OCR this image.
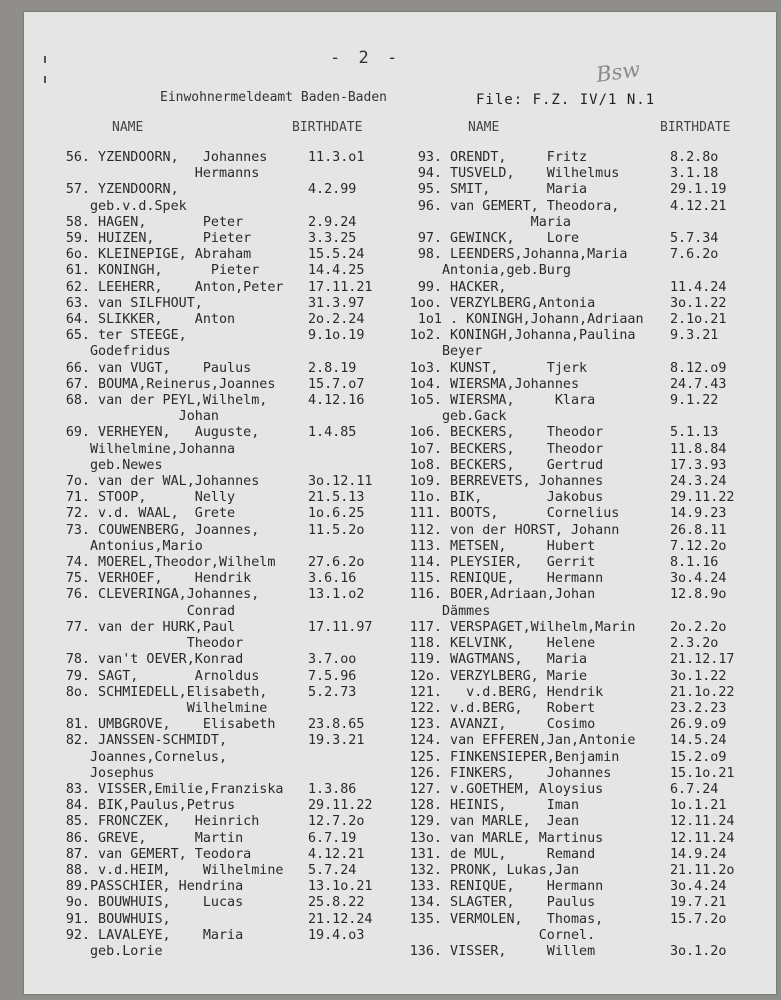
- 2 -	Bsw
Einwohnermeldeamt Baden-Baden	File: F.Z. IV/1 N.1
NAME	BIRTHDATE	NAME	BIRTHDATE
56. YZENDOORN,   Johannes	11.3.o1
Hermanns
57. YZENDOORN,	4.2.99
geb.v.d.Spek
58. HAGEN,       Peter	2.9.24
59. HUIZEN,      Pieter	3.3.25
6o. KLEINEPIGE, Abraham	15.5.24
61. KONINGH,      Pieter	14.4.25
62. LEEHERR,    Anton,Peter	17.11.21
63. van SILFHOUT,	31.3.97
64. SLIKKER,    Anton	2o.2.24
65. ter STEEGE,	9.1o.19
Godefridus
66. van VUGT,    Paulus	2.8.19
67. BOUMA,Reinerus,Joannes	15.7.o7
68. van der PEYL,Wilhelm,	4.12.16
Johan
69. VERHEYEN,   Auguste,	1.4.85
Wilhelmine,Johanna
geb.Newes
7o. van der WAL,Johannes	3o.12.11
71. STOOP,      Nelly	21.5.13
72. v.d. WAAL,  Grete	1o.6.25
73. COUWENBERG, Joannes,	11.5.2o
Antonius,Mario
74. MOEREL,Theodor,Wilhelm	27.6.2o
75. VERHOEF,    Hendrik	3.6.16
76. CLEVERINGA,Johannes,	13.1.o2
Conrad
77. van der HURK,Paul	17.11.97
Theodor
78. van't OEVER,Konrad	3.7.oo
79. SAGT,       Arnoldus	7.5.96
8o. SCHMIEDELL,Elisabeth,	5.2.73
Wilhelmine
81. UMBGROVE,    Elisabeth	23.8.65
82. JANSSEN-SCHMIDT,	19.3.21
Joannes,Cornelus,
Josephus
83. VISSER,Emilie,Franziska	1.3.86
84. BIK,Paulus,Petrus	29.11.22
85. FRONCZEK,   Heinrich	12.7.2o
86. GREVE,      Martin	6.7.19
87. van GEMERT, Teodora	4.12.21
88. v.d.HEIM,    Wilhelmine	5.7.24
89. PASSCHIER, Hendrina	13.1o.21
9o. BOUWHUIS,    Lucas	25.8.22
91. BOUWHUIS,	21.12.24
92. LAVALEYE,    Maria	19.4.o3
geb.Lorie
93. ORENDT,     Fritz	8.2.8o
94. TUSVELD,    Wilhelmus	3.1.18
95. SMIT,       Maria	29.1.19
96. van GEMERT, Theodora,	4.12.21
Maria
97. GEWINCK,    Lore	5.7.34
98. LEENDERS,Johanna,Maria	7.6.2o
Antonia,geb.Burg
99. HACKER,	11.4.24
1oo. VERZYLBERG,Antonia	3o.1.22
1o1 . KONINGH,Johann,Adriaan	2.1o.21
1o2. KONINGH,Johanna,Paulina	9.3.21
Beyer
1o3. KUNST,      Tjerk	8.12.o9
1o4. WIERSMA,Johannes	24.7.43
1o5. WIERSMA,     Klara	9.1.22
geb.Gack
1o6. BECKERS,    Theodor	5.1.13
1o7. BECKERS,    Theodor	11.8.84
1o8. BECKERS,    Gertrud	17.3.93
1o9. BERREVETS, Johannes	24.3.24
11o. BIK,        Jakobus	29.11.22
111. BOOTS,      Cornelius	14.9.23
112. von der HORST, Johann	26.8.11
113. METSEN,     Hubert	7.12.2o
114. PLEYSIER,   Gerrit	8.1.16
115. RENIQUE,    Hermann	3o.4.24
116. BOER,Adriaan,Johan	12.8.9o
Dämmes
117. VERSPAGET,Wilhelm,Marin	2o.2.2o
118. KELVINK,    Helene	2.3.2o
119. WAGTMANS,   Maria	21.12.17
12o. VERZYLBERG, Marie	3o.1.22
121. v.d.BERG, Hendrik	21.1o.22
122. v.d.BERG,   Robert	23.2.23
123. AVANZI,     Cosimo	26.9.o9
124. van EFFEREN,Jan,Antonie	14.5.24
125. FINKENSIEPER,Benjamin	15.2.o9
126. FINKERS,    Johannes	15.1o.21
127. v.GOETHEM, Aloysius	6.7.24
128. HEINIS,     Iman	1o.1.21
129. van MARLE,  Jean	12.11.24
13o. van MARLE, Martinus	12.11.24
131. de MUL,     Remand	14.9.24
132. PRONK, Lukas,Jan	21.11.2o
133. RENIQUE,    Hermann	3o.4.24
134. SLAGTER,    Paulus	19.7.21
135. VERMOLEN,   Thomas,	15.7.2o
Cornel.
136. VISSER,     Willem	3o.1.2o
